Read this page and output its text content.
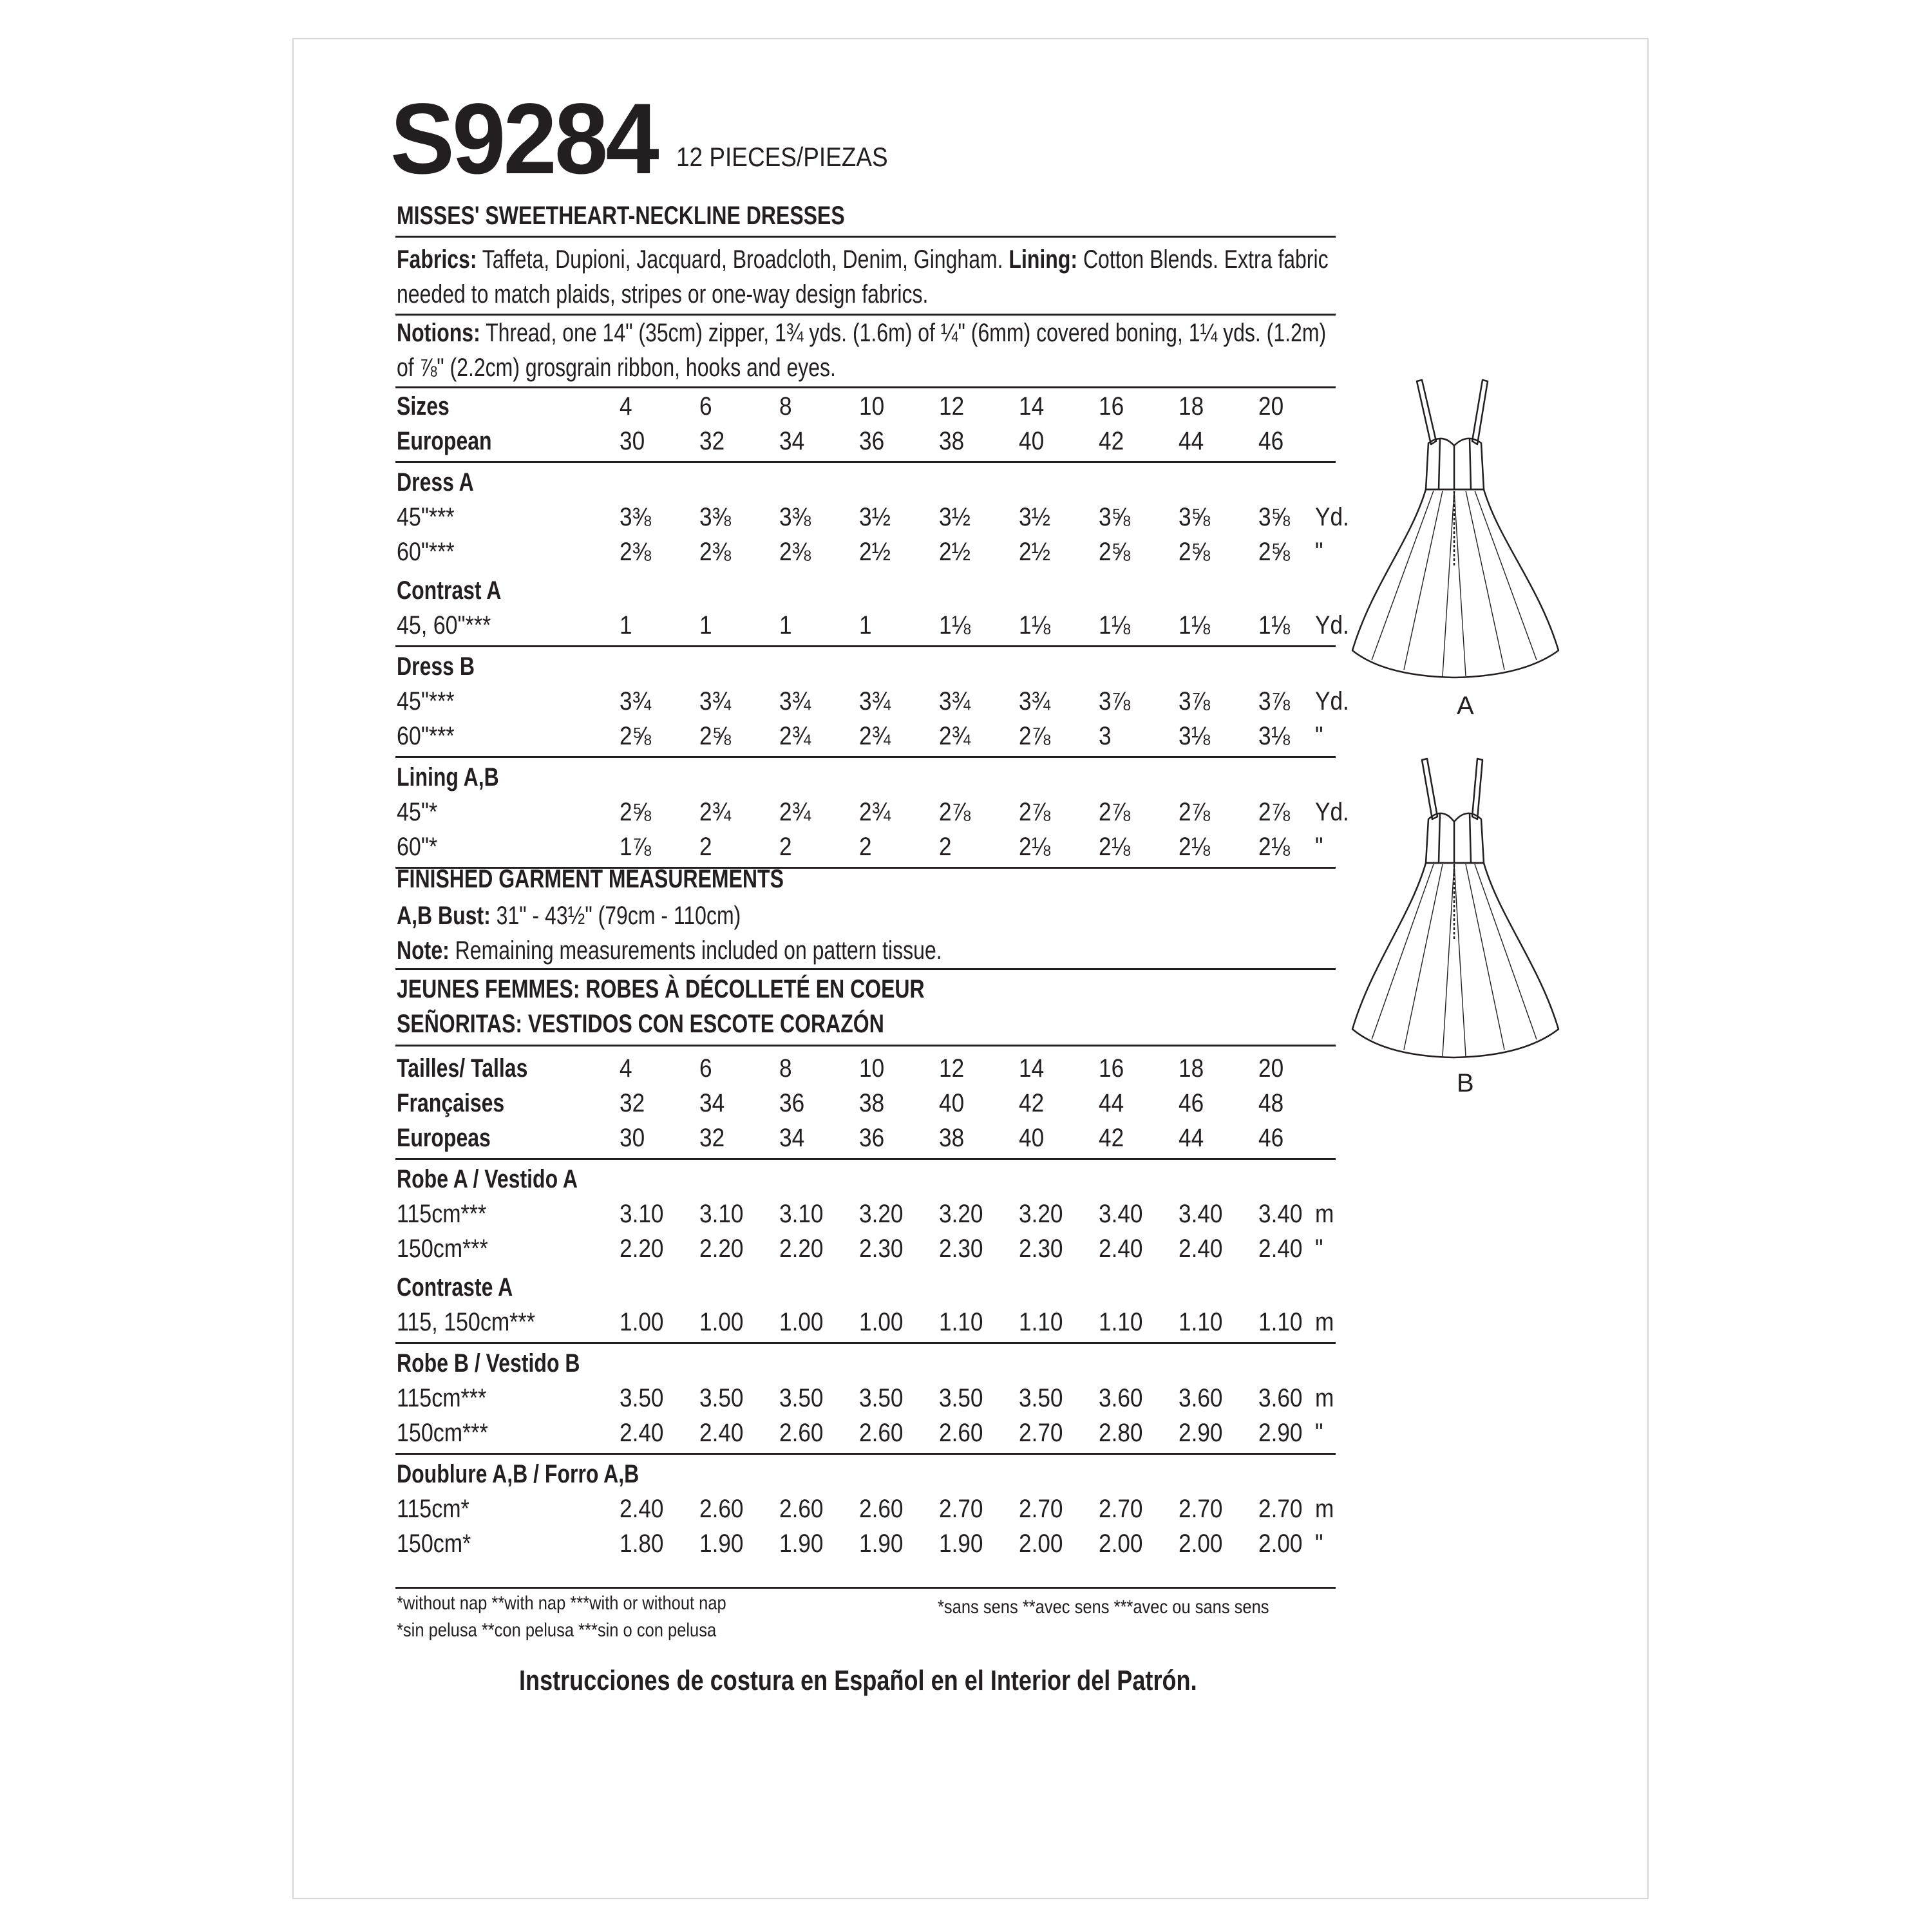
S9284 12 PIECES/PIEZAS
MISSES' SWEETHEART-NECKLINE DRESSES
Fabrics: Taffeta, Dupioni, Jacquard, Broadcloth, Denim, Gingham. Lining: Cotton Blends. Extra fabric needed to match plaids, stripes or one-way design fabrics.
Notions: Thread, one 14" (35cm) zipper, 1¾ yds. (1.6m) of ¼" (6mm) covered boning, 1¼ yds. (1.2m) of ⅞" (2.2cm) grosgrain ribbon, hooks and eyes.
Sizes	4	6	8	10	12	14	16	18	20
European	30	32	34	36	38	40	42	44	46
Dress A
45"***	3⅜	3⅜	3⅜	3½	3½	3½	3⅝	3⅝	3⅝ Yd.
60"***	2⅜	2⅜	2⅜	2½	2½	2½	2⅝	2⅝	2⅝ "
Contrast A
45, 60"***	1	1	1	1	1⅛	1⅛	1⅛	1⅛	1⅛ Yd.
Dress B
45"***	3¾	3¾	3¾	3¾	3¾	3¾	3⅞	3⅞	3⅞ Yd.
60"***	2⅝	2⅝	2¾	2¾	2¾	2⅞	3	3⅛	3⅛ "
Lining A,B
45"*	2⅝	2¾	2¾	2¾	2⅞	2⅞	2⅞	2⅞	2⅞ Yd.
60"*	1⅞	2	2	2	2	2⅛	2⅛	2⅛	2⅛ "
FINISHED GARMENT MEASUREMENTS
A,B Bust: 31" - 43½" (79cm - 110cm)
Note: Remaining measurements included on pattern tissue.
JEUNES FEMMES: ROBES À DÉCOLLETÉ EN COEUR
SEÑORITAS: VESTIDOS CON ESCOTE CORAZÓN
Tailles/ Tallas	4	6	8	10	12	14	16	18	20
Françaises	32	34	36	38	40	42	44	46	48
Europeas	30	32	34	36	38	40	42	44	46
Robe A / Vestido A
115cm***	3.10	3.10	3.10	3.20	3.20	3.20	3.40	3.40	3.40 m
150cm***	2.20	2.20	2.20	2.30	2.30	2.30	2.40	2.40	2.40 "
Contraste A
115, 150cm***	1.00	1.00	1.00	1.00	1.10	1.10	1.10	1.10	1.10 m
Robe B / Vestido B
115cm***	3.50	3.50	3.50	3.50	3.50	3.50	3.60	3.60	3.60 m
150cm***	2.40	2.40	2.60	2.60	2.60	2.70	2.80	2.90	2.90 "
Doublure A,B / Forro A,B
115cm*	2.40	2.60	2.60	2.60	2.70	2.70	2.70	2.70	2.70 m
150cm*	1.80	1.90	1.90	1.90	1.90	2.00	2.00	2.00	2.00 "
*without nap **with nap ***with or without nap
*sin pelusa **con pelusa ***sin o con pelusa
*sans sens **avec sens ***avec ou sans sens
Instrucciones de costura en Español en el Interior del Patrón.
A
B
